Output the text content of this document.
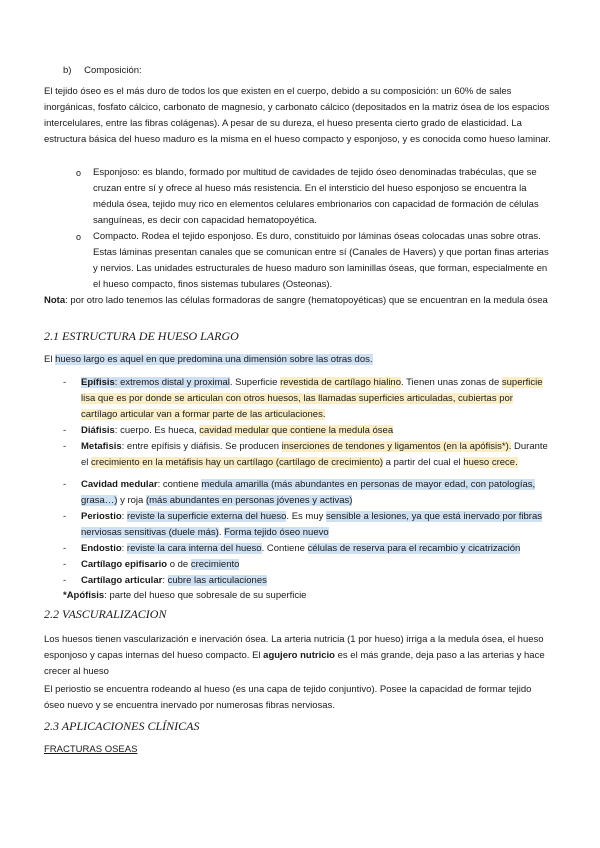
b) Composición:

El tejido óseo es el más duro de todos los que existen en el cuerpo, debido a su composición: un 60% de sales inorgánicas, fosfato cálcico, carbonato de magnesio, y carbonato cálcico (depositados en la matriz ósea de los espacios intercelulares, entre las fibras colágenas). A pesar de su dureza, el hueso presenta cierto grado de elasticidad. La estructura básica del hueso maduro es la misma en el hueso compacto y esponjoso, y es conocida como hueso laminar.

o Esponjoso: es blando, formado por multitud de cavidades de tejido óseo denominadas trabéculas, que se cruzan entre sí y ofrece al hueso más resistencia. En el intersticio del hueso esponjoso se encuentra la médula ósea, tejido muy rico en elementos celulares embrionarios con capacidad de formación de células sanguíneas, es decir con capacidad hematopoyética.

o Compacto. Rodea el tejido esponjoso. Es duro, constituido por láminas óseas colocadas unas sobre otras. Estas láminas presentan canales que se comunican entre sí (Canales de Havers) y que portan finas arterias y nervios. Las unidades estructurales de hueso maduro son laminillas óseas, que forman, especialmente en el hueso compacto, finos sistemas tubulares (Osteonas).

Nota: por otro lado tenemos las células formadoras de sangre (hematopoyéticas) que se encuentran en la medula ósea

2.1 ESTRUCTURA DE HUESO LARGO

El hueso largo es aquel en que predomina una dimensión sobre las otras dos.

- Epífisis: extremos distal y proximal. Superficie revestida de cartílago hialino. Tienen unas zonas de superficie lisa que es por donde se articulan con otros huesos, las llamadas superficies articuladas, cubiertas por cartílago articular van a formar parte de las articulaciones.

- Diáfisis: cuerpo. Es hueca, cavidad medular que contiene la medula ósea

- Metafisis: entre epífisis y diáfisis. Se producen inserciones de tendones y ligamentos (en la apófisis*). Durante el crecimiento en la metáfisis hay un cartílago (cartílago de crecimiento) a partir del cual el hueso crece.

- Cavidad medular: contiene medula amarilla (más abundantes en personas de mayor edad, con patologías, grasa…) y roja (más abundantes en personas jóvenes y activas)

- Periostio: reviste la superficie externa del hueso. Es muy sensible a lesiones, ya que está inervado por fibras nerviosas sensitivas (duele más). Forma tejido óseo nuevo

- Endostio: reviste la cara interna del hueso. Contiene células de reserva para el recambio y cicatrización

- Cartílago epifisario o de crecimiento

- Cartílago articular: cubre las articulaciones

*Apófisis: parte del hueso que sobresale de su superficie
2.2 VASCURALIZACION

Los huesos tienen vascularización e inervación ósea. La arteria nutricia (1 por hueso) irriga a la medula ósea, el hueso esponjoso y capas internas del hueso compacto. El agujero nutricio es el más grande, deja paso a las arterias y hace crecer al hueso

El periostio se encuentra rodeando al hueso (es una capa de tejido conjuntivo). Posee la capacidad de formar tejido óseo nuevo y se encuentra inervado por numerosas fibras nerviosas.

2.3 APLICACIONES CLÍNICAS
FRACTURAS OSEAS
